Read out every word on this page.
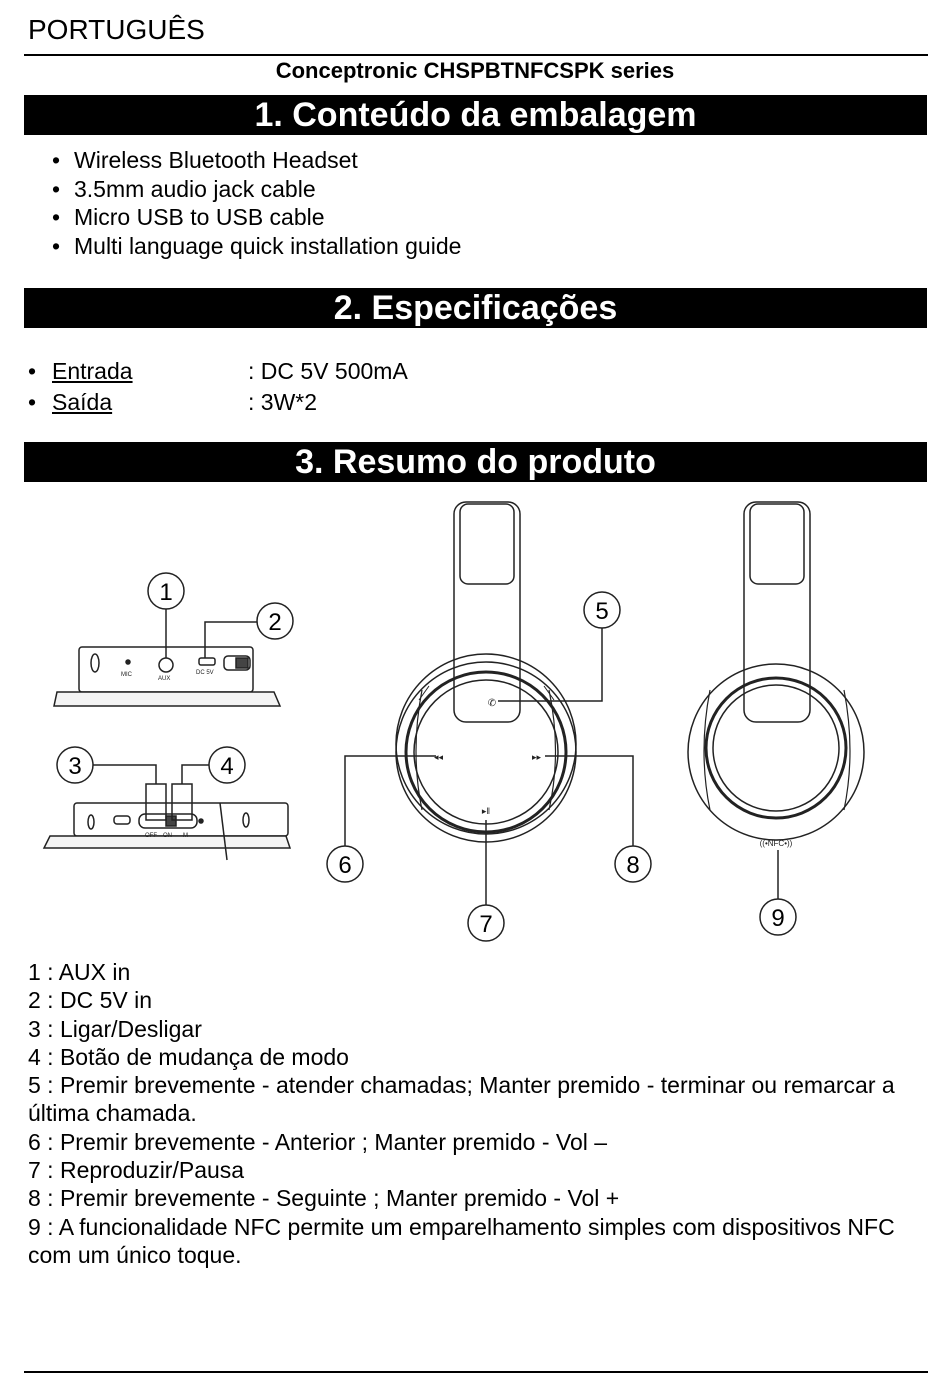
PORTUGUÊS
Conceptronic CHSPBTNFCSPK series
1. Conteúdo da embalagem
• Wireless Bluetooth Headset
• 3.5mm audio jack cable
• Micro USB to USB cable
• Multi language quick installation guide
2. Especificações
• Entrada	: DC 5V 500mA
• Saída	: 3W*2
3. Resumo do produto
MIC
AUX
DC 5V
1
2
OFF ON M
3	4
✆
◂◂	▸▸
▸‖
5
6
7
8
((•NFC•))
9

1 : AUX in

2 : DC 5V in

3 : Ligar/Desligar

4 : Botão de mudança de modo

5 : Premir brevemente - atender chamadas; Manter premido - terminar ou remarcar a última chamada.

6 : Premir brevemente - Anterior ; Manter premido - Vol –

7 : Reproduzir/Pausa

8 : Premir brevemente - Seguinte ; Manter premido - Vol +

9 : A funcionalidade NFC permite um emparelhamento simples com dispositivos NFC com um único toque.
